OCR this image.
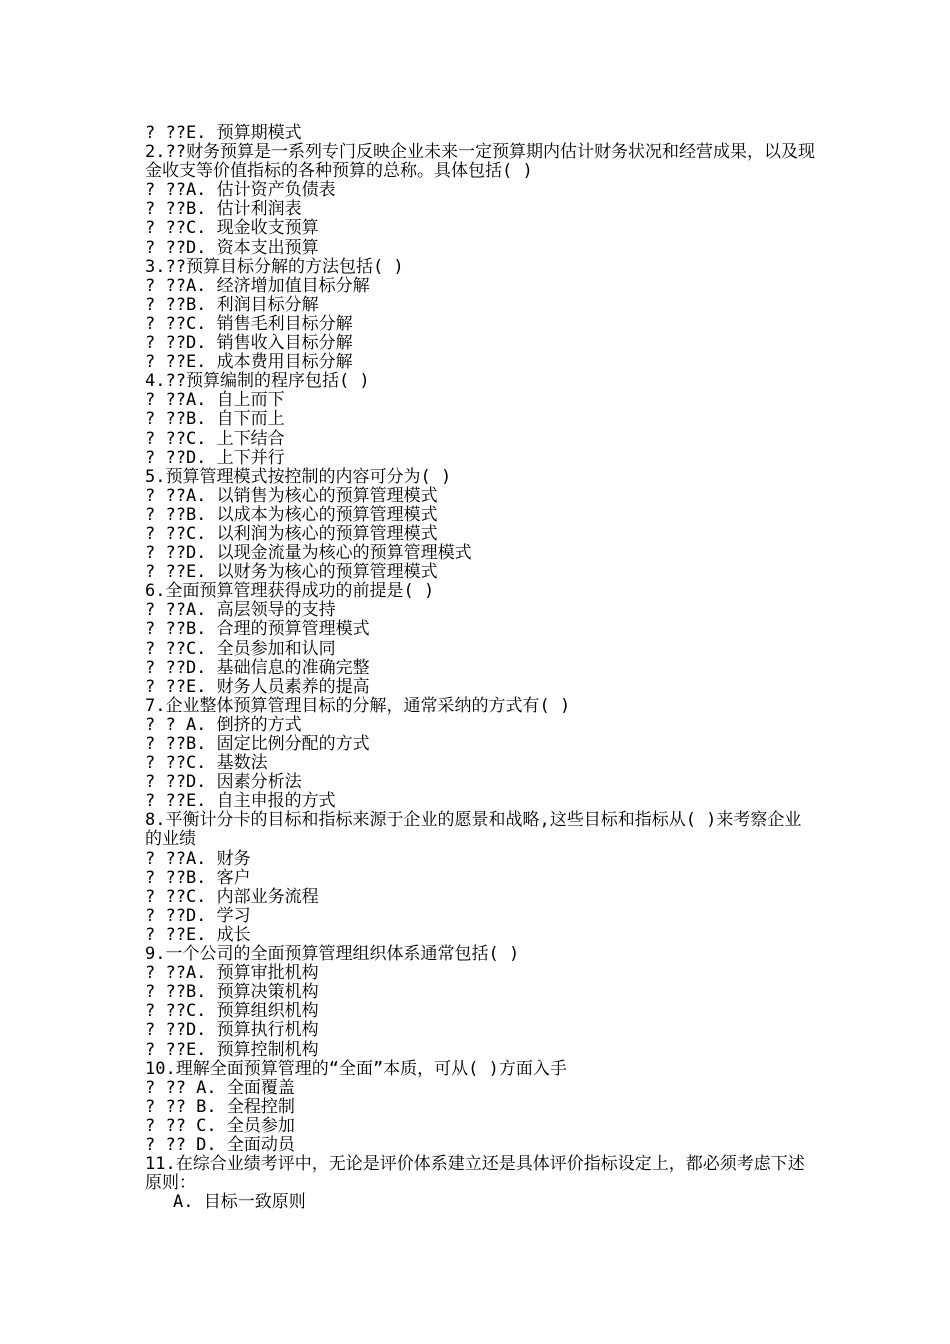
? ??E. 预算期模式
2.??财务预算是一系列专门反映企业未来一定预算期内估计财务状况和经营成果，以及现金收支等价值指标的各种预算的总称。具体包括( )
? ??A. 估计资产负债表
? ??B. 估计利润表
? ??C. 现金收支预算
? ??D. 资本支出预算
3.??预算目标分解的方法包括( )
? ??A. 经济增加值目标分解
? ??B. 利润目标分解
? ??C. 销售毛利目标分解
? ??D. 销售收入目标分解
? ??E. 成本费用目标分解
4.??预算编制的程序包括( )
? ??A. 自上而下
? ??B. 自下而上
? ??C. 上下结合
? ??D. 上下并行
5.预算管理模式按控制的内容可分为( )
? ??A. 以销售为核心的预算管理模式
? ??B. 以成本为核心的预算管理模式
? ??C. 以利润为核心的预算管理模式
? ??D. 以现金流量为核心的预算管理模式
? ??E. 以财务为核心的预算管理模式
6.全面预算管理获得成功的前提是( )
? ??A. 高层领导的支持
? ??B. 合理的预算管理模式
? ??C. 全员参加和认同
? ??D. 基础信息的准确完整
? ??E. 财务人员素养的提高
7.企业整体预算管理目标的分解，通常采纳的方式有( )
? ? A. 倒挤的方式
? ??B. 固定比例分配的方式
? ??C. 基数法
? ??D. 因素分析法
? ??E. 自主申报的方式
8.平衡计分卡的目标和指标来源于企业的愿景和战略,这些目标和指标从( )来考察企业的业绩
? ??A. 财务
? ??B. 客户
? ??C. 内部业务流程
? ??D. 学习
? ??E. 成长
9.一个公司的全面预算管理组织体系通常包括( )
? ??A. 预算审批机构
? ??B. 预算决策机构
? ??C. 预算组织机构
? ??D. 预算执行机构
? ??E. 预算控制机构
10.理解全面预算管理的“全面”本质，可从( )方面入手
? ?? A. 全面覆盖
? ?? B. 全程控制
? ?? C. 全员参加
? ?? D. 全面动员
11.在综合业绩考评中，无论是评价体系建立还是具体评价指标设定上，都必须考虑下述原则：
A. 目标一致原则
